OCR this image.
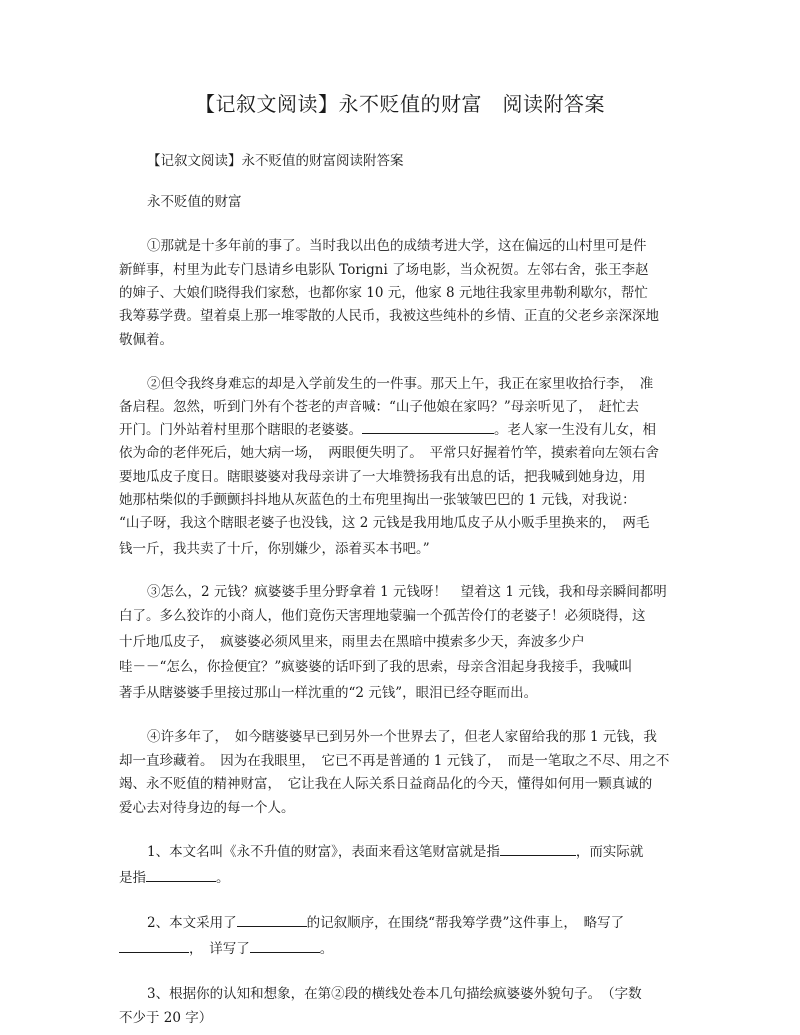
【记叙文阅读】永不贬值的财富　阅读附答案
【记叙文阅读】永不贬值的财富阅读附答案
永不贬值的财富
①那就是十多年前的事了。当时我以出色的成绩考进大学，这在偏远的山村里可是件
新鲜事，村里为此专门恳请乡电影队 Torigni 了场电影，当众祝贺。左邻右舍，张王李赵
的婶子、大娘们晓得我们家愁，也都你家 10 元，他家 8 元地往我家里弗勒利歇尔，帮忙
我筹募学费。望着桌上那一堆零散的人民币，我被这些纯朴的乡情、正直的父老乡亲深深地
敬佩着。
②但令我终身难忘的却是入学前发生的一件事。那天上午，我正在家里收拾行李，　准
备启程。忽然，听到门外有个苍老的声音喊：“山子他娘在家吗？”母亲听见了，　赶忙去
开门。门外站着村里那个瞎眼的老婆婆。	。老人家一生没有儿女，相
依为命的老伴死后，她大病一场，　两眼便失明了。　平常只好握着竹竿，摸索着向左领右舍
要地瓜皮子度日。瞎眼婆婆对我母亲讲了一大堆赞扬我有出息的话，把我喊到她身边，用
她那枯柴似的手颤颤抖抖地从灰蓝色的土布兜里掏出一张皱皱巴巴的 1 元钱，对我说：
“山子呀，我这个瞎眼老婆子也没钱，这 2 元钱是我用地瓜皮子从小贩手里换来的，　两毛
钱一斤，我共卖了十斤，你别嫌少，添着买本书吧。”
③怎么，2 元钱？疯婆婆手里分野拿着 1 元钱呀！　望着这 1 元钱，我和母亲瞬间都明
白了。多么狡诈的小商人，他们竟伤天害理地蒙骗一个孤苦伶仃的老婆子！必须晓得，这
十斤地瓜皮子，　疯婆婆必须风里来，雨里去在黑暗中摸索多少天，奔波多少户
哇－－“怎么，你捡便宜？”疯婆婆的话吓到了我的思索，母亲含泪起身我接手，我喊叫
著手从瞎婆婆手里接过那山一样沈重的“2 元钱”，眼泪已经夺眶而出。
④许多年了，　如今瞎婆婆早已到另外一个世界去了，但老人家留给我的那 1 元钱，我
却一直珍藏着。　因为在我眼里，　它已不再是普通的 1 元钱了，　而是一笔取之不尽、用之不
竭、永不贬值的精神财富，　它让我在人际关系日益商品化的今天，懂得如何用一颗真诚的
爱心去对待身边的每一个人。
1、本文名叫《永不升值的财富》，表面来看这笔财富就是指	，而实际就
是指	。
2、本文采用了	的记叙顺序，在围绕“帮我筹学费”这件事上，　略写了
，　详写了	。
3、根据你的认知和想象，在第②段的横线处卷本几句描绘疯婆婆外貌句子。　（字数
不少于 20 字）
